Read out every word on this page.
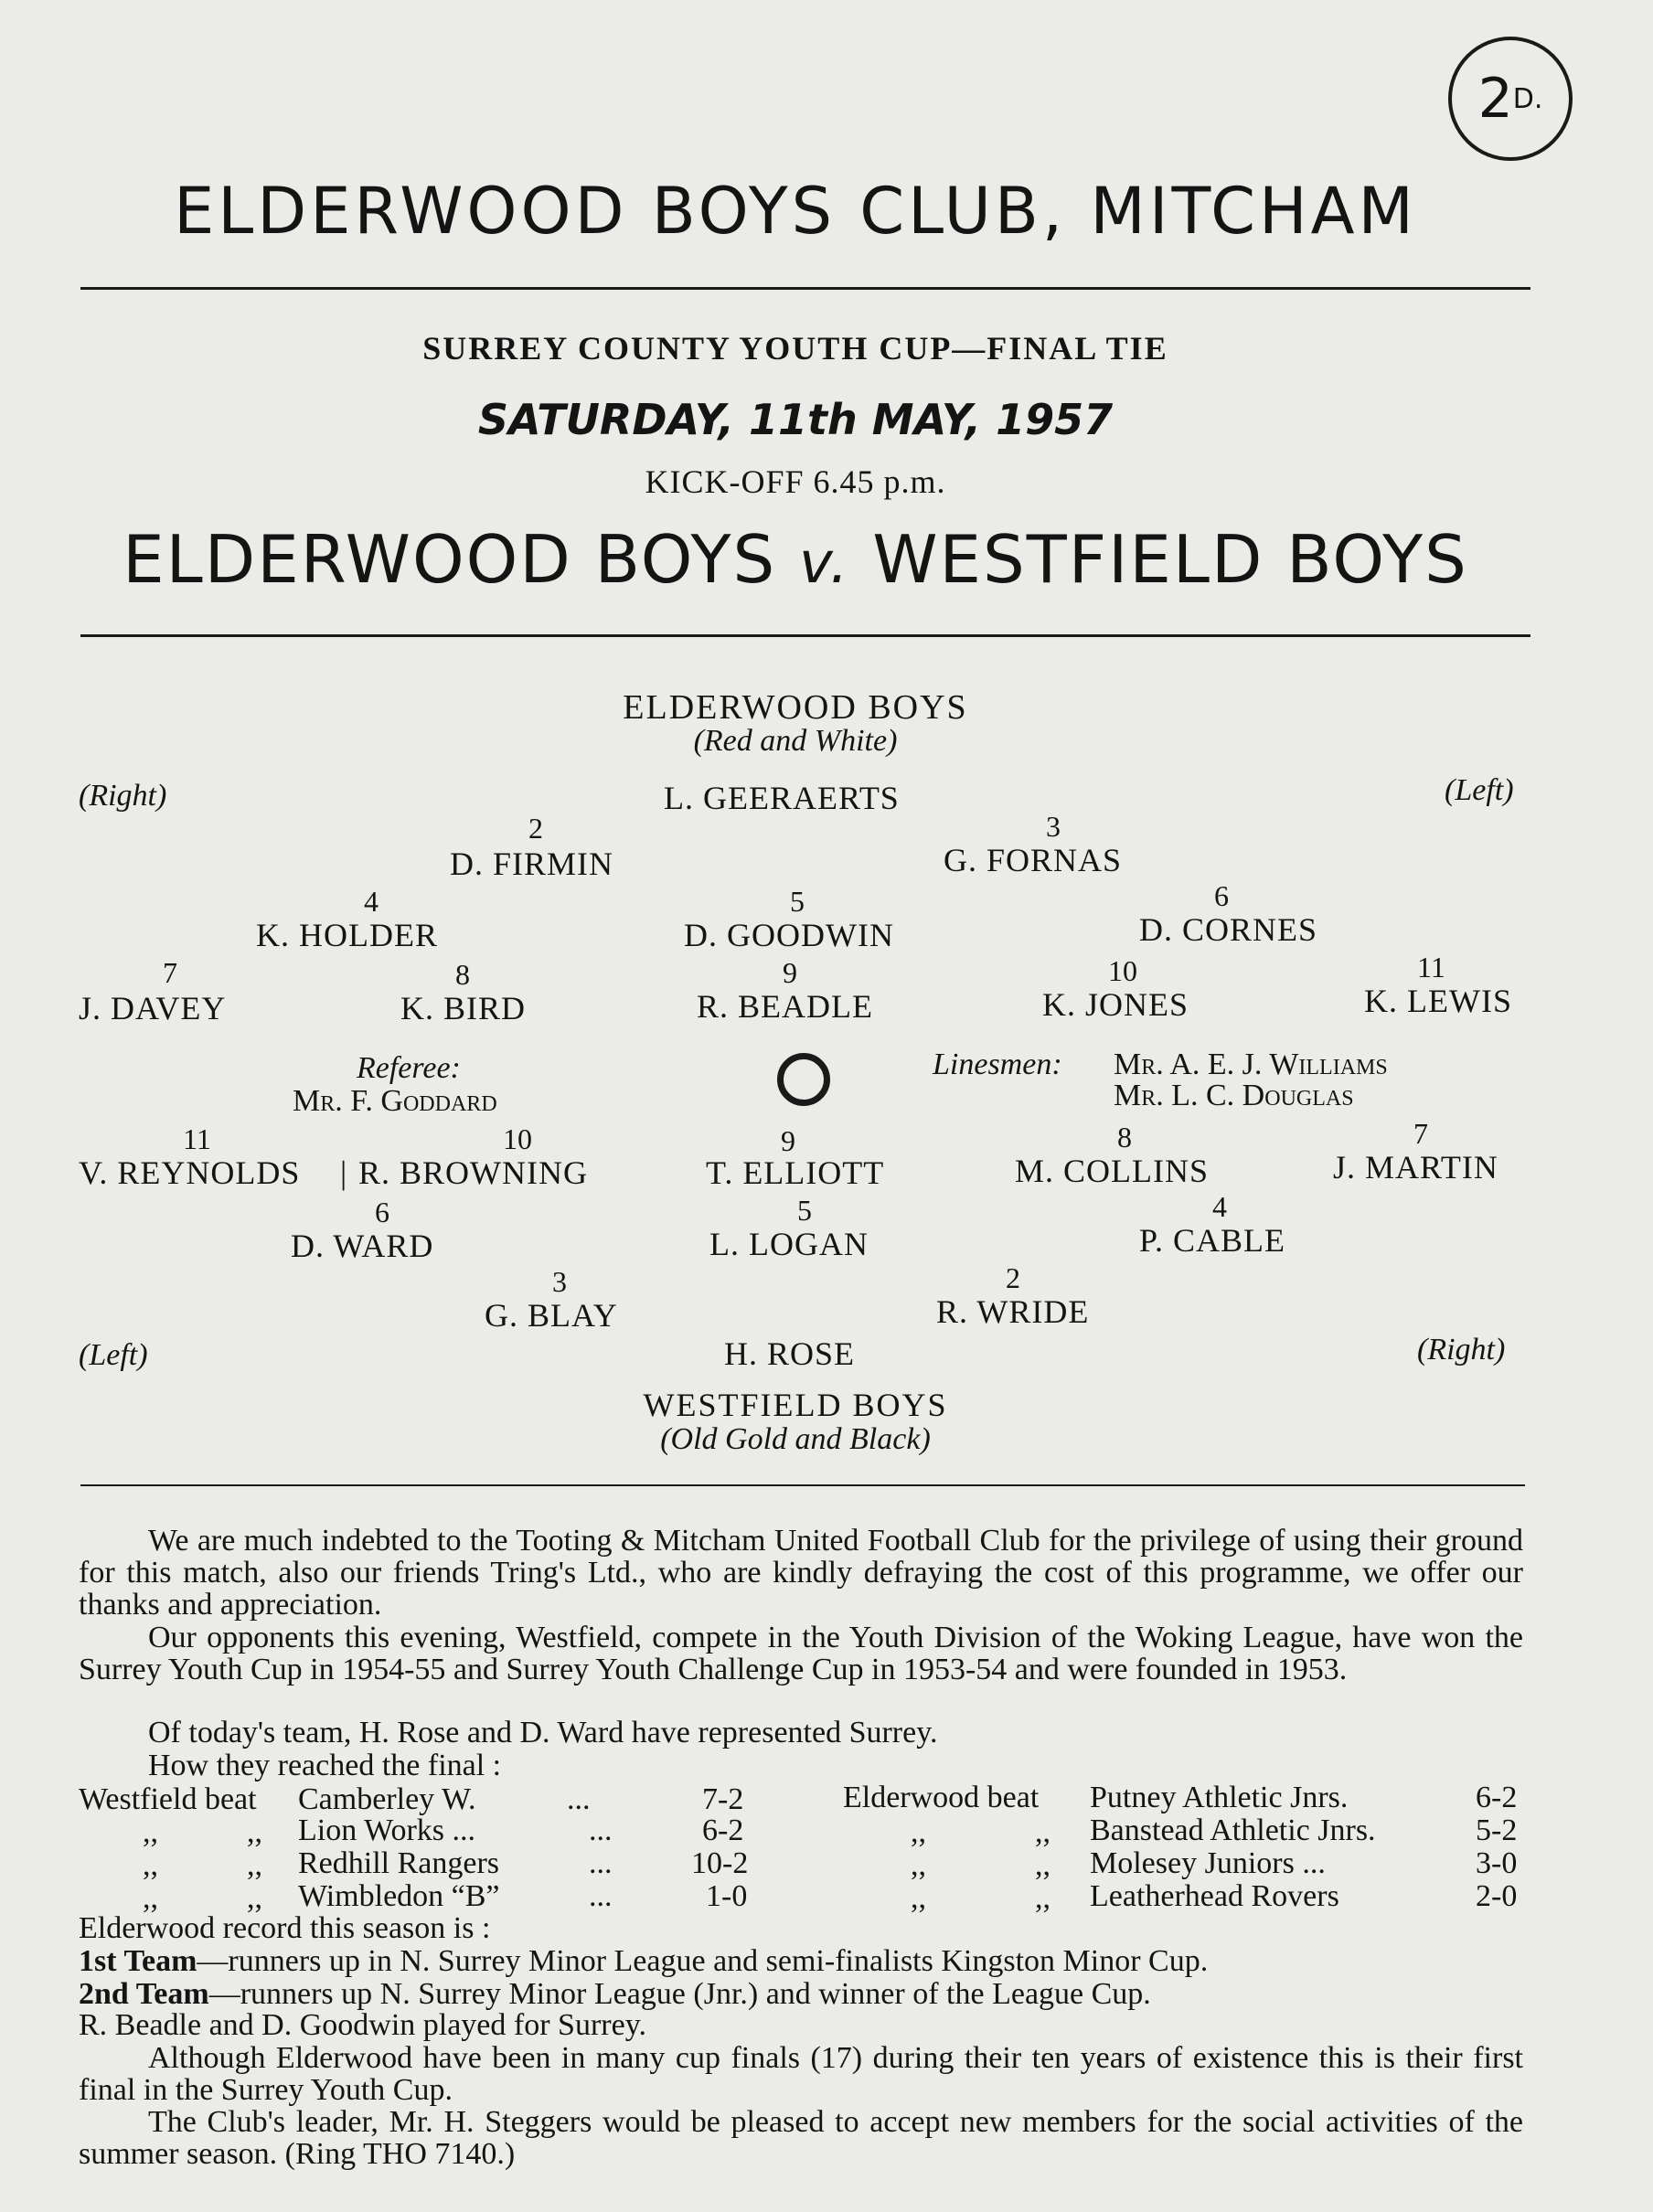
2 D.
ELDERWOOD BOYS CLUB, MITCHAM
SURREY COUNTY YOUTH CUP—FINAL TIE
SATURDAY, 11th MAY, 1957
KICK-OFF 6.45 p.m.
ELDERWOOD BOYS v. WESTFIELD BOYS
ELDERWOOD BOYS
(Red and White)
(Right)	(Left)
L. GEERAERTS
2
D. FIRMIN
3
G. FORNAS
4
K. HOLDER
5
D. GOODWIN
6
D. CORNES
7
J. DAVEY
8
K. BIRD
9
R. BEADLE
10
K. JONES
11
K. LEWIS
Referee:
Mr. F. Goddard
Linesmen: Mr. A. E. J. Williams
Mr. L. C. Douglas
11
V. REYNOLDS |
10
R. BROWNING
9
T. ELLIOTT
8
M. COLLINS
7
J. MARTIN
6
D. WARD
5
L. LOGAN
4
P. CABLE
3
G. BLAY
2
R. WRIDE
(Left)	H. ROSE	(Right)
WESTFIELD BOYS
(Old Gold and Black)
We are much indebted to the Tooting & Mitcham United Football Club for the privilege of using their ground for this match, also our friends Tring's Ltd., who are kindly defraying the cost of this programme, we offer our thanks and appreciation.
Our opponents this evening, Westfield, compete in the Youth Division of the Woking League, have won the Surrey Youth Cup in 1954-55 and Surrey Youth Challenge Cup in 1953-54 and were founded in 1953.
Of today's team, H. Rose and D. Ward have represented Surrey.
How they reached the final :
Westfield beat Camberley W.	...	7-2
,,	,, Lion Works ...	...	6-2
,,	,, Redhill Rangers	...	10-2
,,	,, Wimbledon “B”	...	1-0
Elderwood beat Putney Athletic Jnrs.	6-2
,,	,, Banstead Athletic Jnrs.	5-2
,,	,, Molesey Juniors ...	3-0
,,	,, Leatherhead Rovers	2-0
Elderwood record this season is :
1st Team—runners up in N. Surrey Minor League and semi-finalists Kingston Minor Cup.
2nd Team—runners up N. Surrey Minor League (Jnr.) and winner of the League Cup.
R. Beadle and D. Goodwin played for Surrey.
Although Elderwood have been in many cup finals (17) during their ten years of existence this is their first final in the Surrey Youth Cup.
The Club's leader, Mr. H. Steggers would be pleased to accept new members for the social activities of the summer season. (Ring THO 7140.)
